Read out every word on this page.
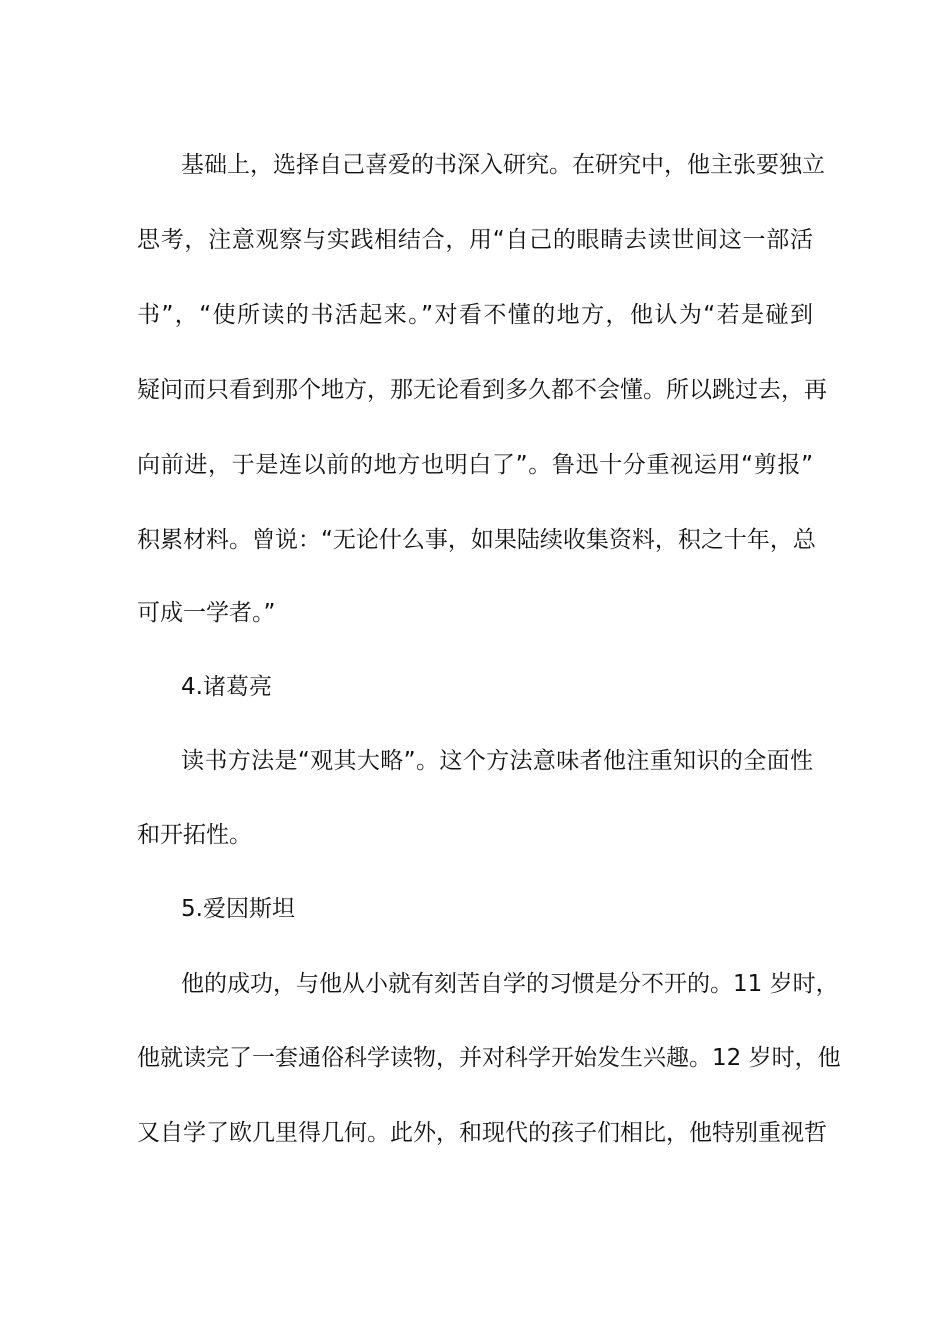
基础上，选择自己喜爱的书深入研究。在研究中，他主张要独立
思考，注意观察与实践相结合，用“自己的眼睛去读世间这一部活
书”，“使所读的书活起来。”对看不懂的地方，他认为“若是碰到
疑问而只看到那个地方，那无论看到多久都不会懂。所以跳过去，再
向前进，于是连以前的地方也明白了”。鲁迅十分重视运用“剪报”
积累材料。曾说：“无论什么事，如果陆续收集资料，积之十年，总
可成一学者。”
4.诸葛亮
读书方法是“观其大略”。这个方法意味者他注重知识的全面性
和开拓性。
5.爱因斯坦
他的成功，与他从小就有刻苦自学的习惯是分不开的。11 岁时，
他就读完了一套通俗科学读物，并对科学开始发生兴趣。12 岁时，他
又自学了欧几里得几何。此外，和现代的孩子们相比，他特别重视哲
